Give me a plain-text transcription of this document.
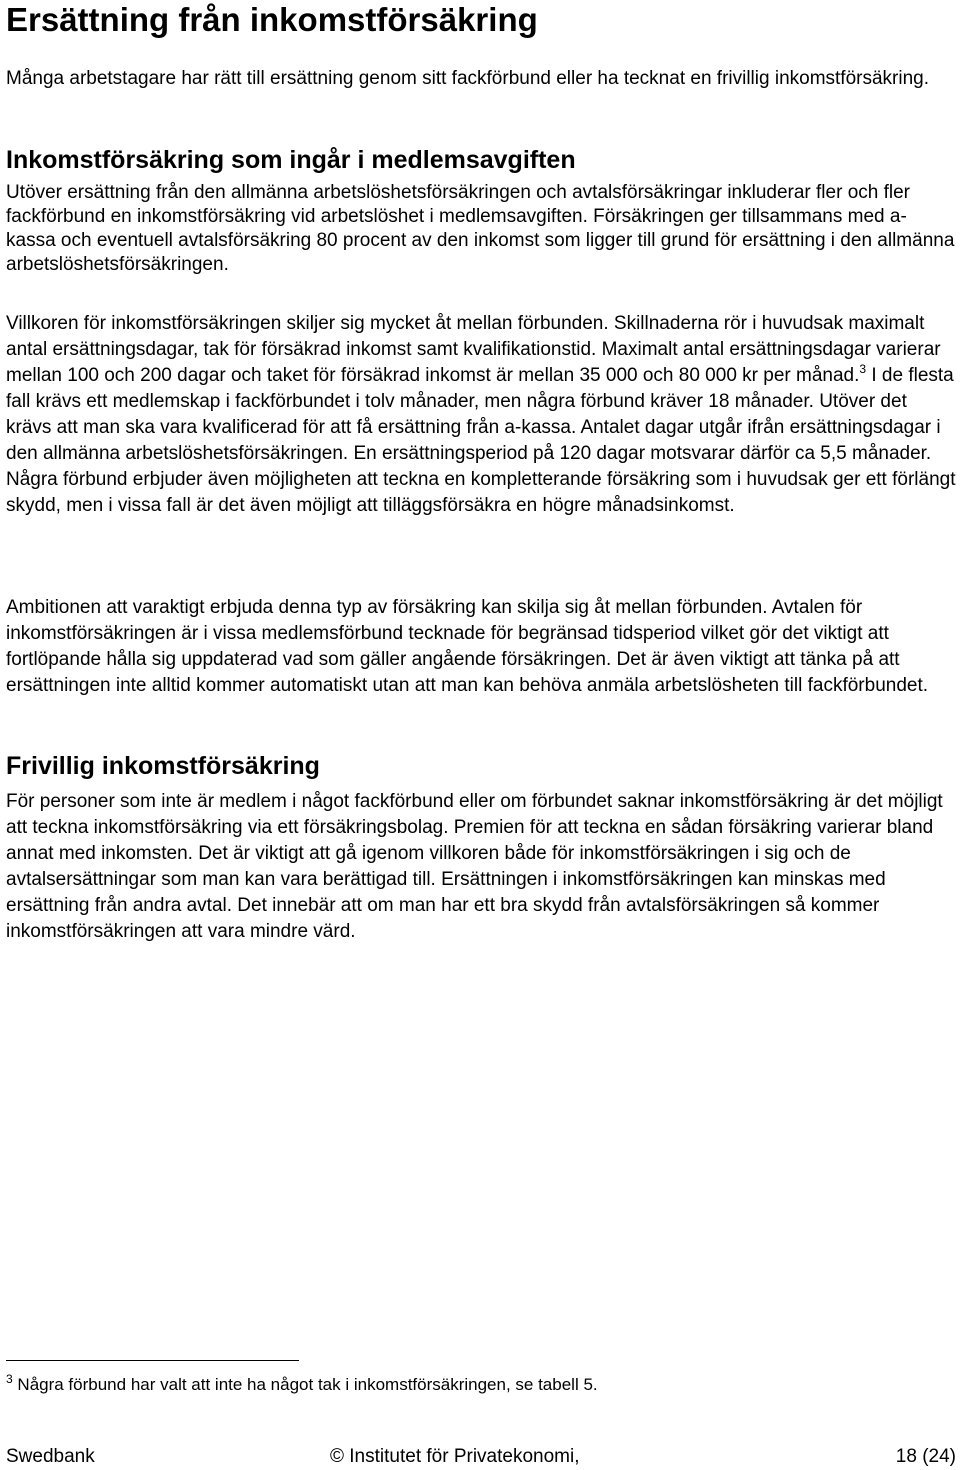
Ersättning från inkomstförsäkring

Många arbetstagare har rätt till ersättning genom sitt fackförbund eller ha tecknat en frivillig inkomstförsäkring.

Inkomstförsäkring som ingår i medlemsavgiften

Utöver ersättning från den allmänna arbetslöshetsförsäkringen och avtalsförsäkringar inkluderar fler och fler fackförbund en inkomstförsäkring vid arbetslöshet i medlemsavgiften. Försäkringen ger tillsammans med a-kassa och eventuell avtalsförsäkring 80 procent av den inkomst som ligger till grund för ersättning i den allmänna arbetslöshetsförsäkringen.

Villkoren för inkomstförsäkringen skiljer sig mycket åt mellan förbunden. Skillnaderna rör i huvudsak maximalt antal ersättningsdagar, tak för försäkrad inkomst samt kvalifikationstid. Maximalt antal ersättningsdagar varierar mellan 100 och 200 dagar och taket för försäkrad inkomst är mellan 35 000 och 80 000 kr per månad.$^3$ I de flesta fall krävs ett medlemskap i fackförbundet i tolv månader, men några förbund kräver 18 månader. Utöver det krävs att man ska vara kvalificerad för att få ersättning från a-kassa. Antalet dagar utgår ifrån ersättningsdagar i den allmänna arbetslöshetsförsäkringen. En ersättningsperiod på 120 dagar motsvarar därför ca 5,5 månader. Några förbund erbjuder även möjligheten att teckna en kompletterande försäkring som i huvudsak ger ett förlängt skydd, men i vissa fall är det även möjligt att tilläggsförsäkra en högre månadsinkomst.

Ambitionen att varaktigt erbjuda denna typ av försäkring kan skilja sig åt mellan förbunden. Avtalen för inkomstförsäkringen är i vissa medlemsförbund tecknade för begränsad tidsperiod vilket gör det viktigt att fortlöpande hålla sig uppdaterad vad som gäller angående försäkringen. Det är även viktigt att tänka på att ersättningen inte alltid kommer automatiskt utan att man kan behöva anmäla arbetslösheten till fackförbundet.

Frivillig inkomstförsäkring

För personer som inte är medlem i något fackförbund eller om förbundet saknar inkomstförsäkring är det möjligt att teckna inkomstförsäkring via ett försäkringsbolag. Premien för att teckna en sådan försäkring varierar bland annat med inkomsten. Det är viktigt att gå igenom villkoren både för inkomstförsäkringen i sig och de avtalsersättningar som man kan vara berättigad till. Ersättningen i inkomstförsäkringen kan minskas med ersättning från andra avtal. Det innebär att om man har ett bra skydd från avtalsförsäkringen så kommer inkomstförsäkringen att vara mindre värd.

$^3$ Några förbund har valt att inte ha något tak i inkomstförsäkringen, se tabell 5.
Swedbank	© Institutet för Privatekonomi,	18 (24)
